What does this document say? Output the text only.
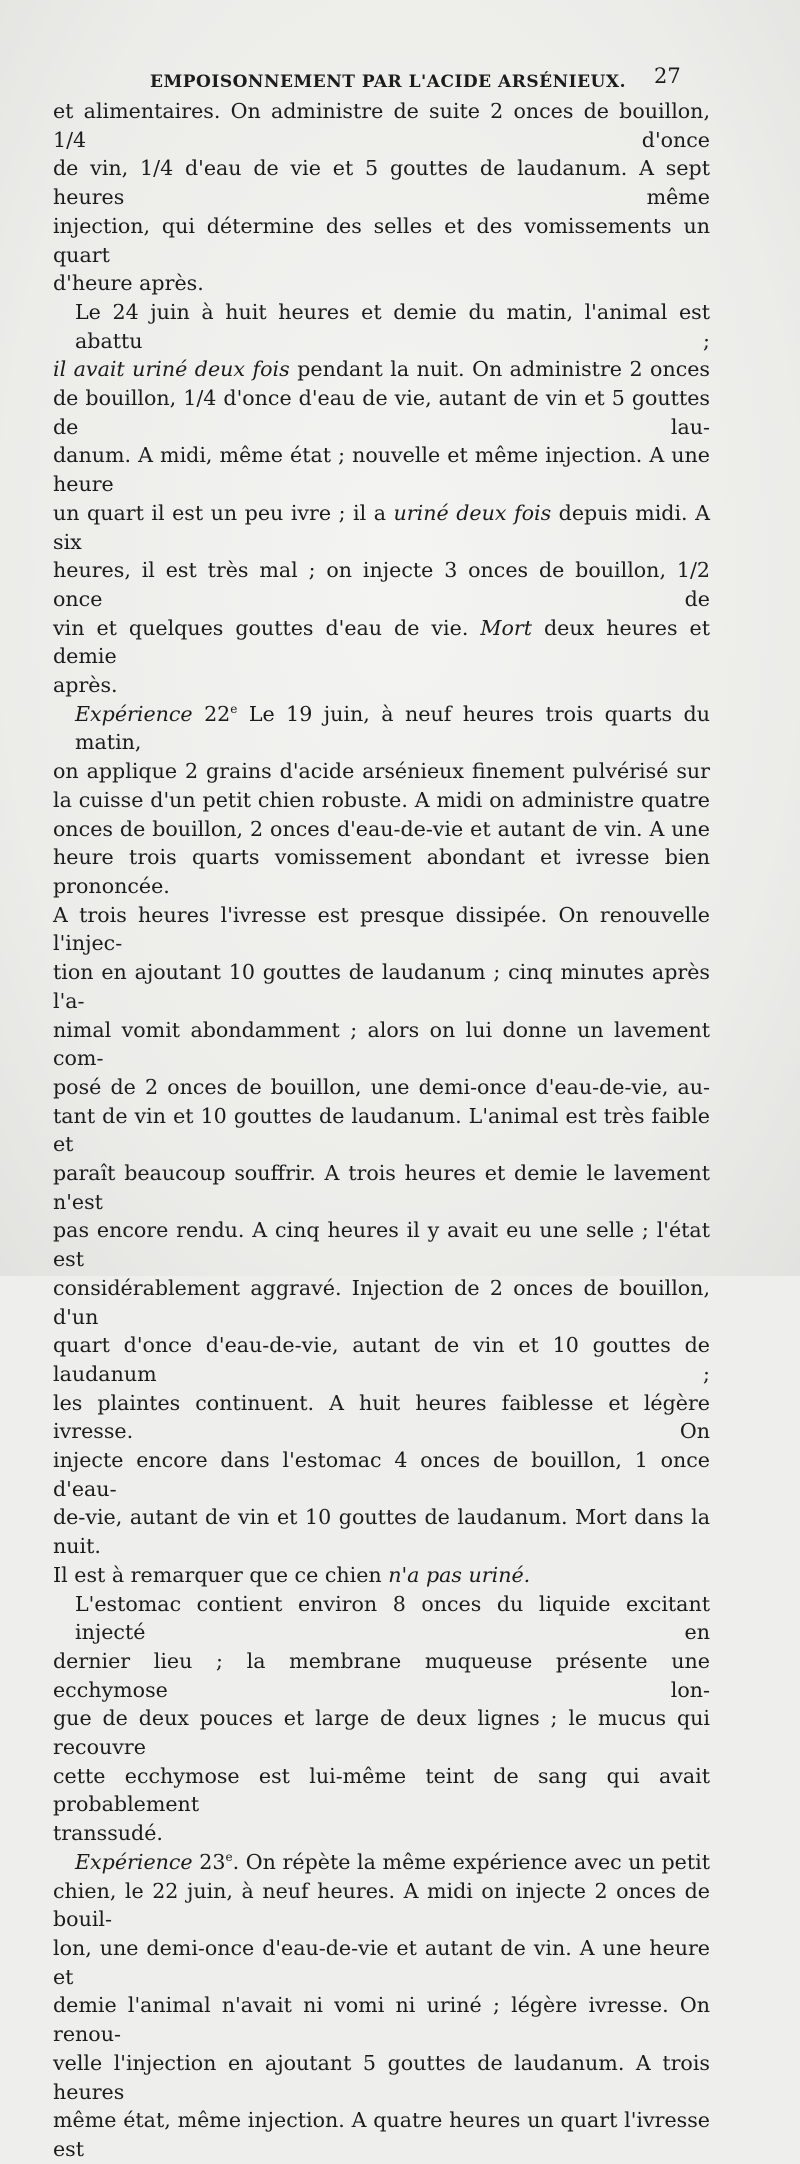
EMPOISONNEMENT PAR L'ACIDE ARSÉNIEUX. 27
et alimentaires. On administre de suite 2 onces de bouillon, 1/4 d'once
de vin, 1/4 d'eau de vie et 5 gouttes de laudanum. A sept heures même
injection, qui détermine des selles et des vomissements un quart
d'heure après.
Le 24 juin à huit heures et demie du matin, l'animal est abattu ;
il avait uriné deux fois pendant la nuit. On administre 2 onces
de bouillon, 1/4 d'once d'eau de vie, autant de vin et 5 gouttes de lau-
danum. A midi, même état ; nouvelle et même injection. A une heure
un quart il est un peu ivre ; il a uriné deux fois depuis midi. A six
heures, il est très mal ; on injecte 3 onces de bouillon, 1/2 once de
vin et quelques gouttes d'eau de vie. Mort deux heures et demie
après.
Expérience 22e Le 19 juin, à neuf heures trois quarts du matin,
on applique 2 grains d'acide arsénieux finement pulvérisé sur
la cuisse d'un petit chien robuste. A midi on administre quatre
onces de bouillon, 2 onces d'eau-de-vie et autant de vin. A une
heure trois quarts vomissement abondant et ivresse bien prononcée.
A trois heures l'ivresse est presque dissipée. On renouvelle l'injec-
tion en ajoutant 10 gouttes de laudanum ; cinq minutes après l'a-
nimal vomit abondamment ; alors on lui donne un lavement com-
posé de 2 onces de bouillon, une demi-once d'eau-de-vie, au-
tant de vin et 10 gouttes de laudanum. L'animal est très faible et
paraît beaucoup souffrir. A trois heures et demie le lavement n'est
pas encore rendu. A cinq heures il y avait eu une selle ; l'état est
considérablement aggravé. Injection de 2 onces de bouillon, d'un
quart d'once d'eau-de-vie, autant de vin et 10 gouttes de laudanum ;
les plaintes continuent. A huit heures faiblesse et légère ivresse. On
injecte encore dans l'estomac 4 onces de bouillon, 1 once d'eau-
de-vie, autant de vin et 10 gouttes de laudanum. Mort dans la nuit.
Il est à remarquer que ce chien n'a pas uriné.
L'estomac contient environ 8 onces du liquide excitant injecté en
dernier lieu ; la membrane muqueuse présente une ecchymose lon-
gue de deux pouces et large de deux lignes ; le mucus qui recouvre
cette ecchymose est lui-même teint de sang qui avait probablement
transsudé.
Expérience 23e. On répète la même expérience avec un petit
chien, le 22 juin, à neuf heures. A midi on injecte 2 onces de bouil-
lon, une demi-once d'eau-de-vie et autant de vin. A une heure et
demie l'animal n'avait ni vomi ni uriné ; légère ivresse. On renou-
velle l'injection en ajoutant 5 gouttes de laudanum. A trois heures
même état, même injection. A quatre heures un quart l'ivresse est
